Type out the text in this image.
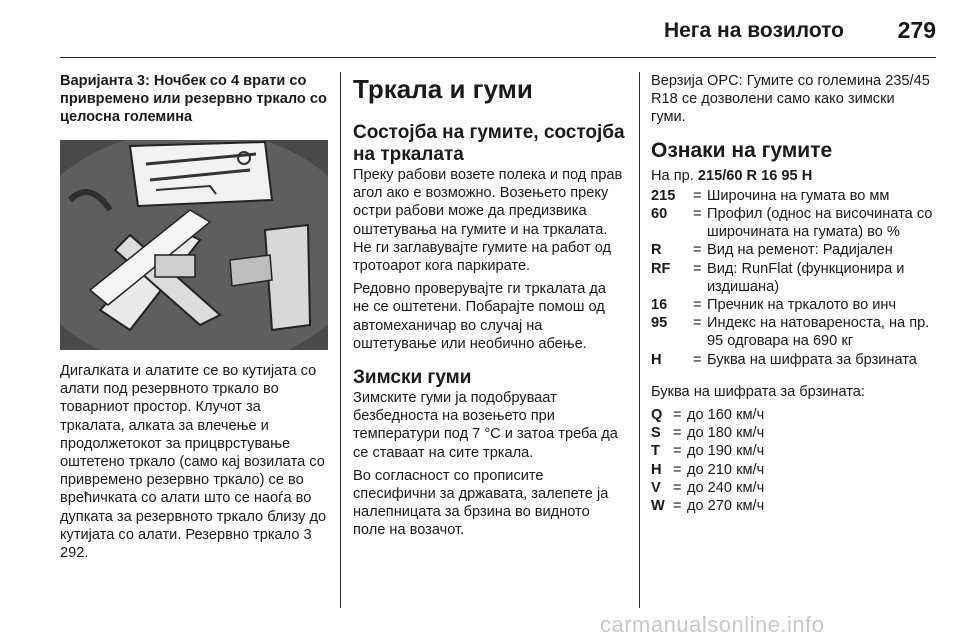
Нега на возилото 279
Варијанта 3: Ночбек со 4 врати со привремено или резервно тркало со целосна големина

Дигалката и алатите се во кутијата со алати под резервното тркало во товарниот простор. Клучот за тркалата, алката за влечење и продолжетокот за прицврстување оштетено тркало (само кај возилата со привремено резервно тркало) се во врећичката со алати што се наоѓа во дупката за резервното тркало близу до кутијата со алати. Резервно тркало 3 292.

Тркала и гуми
Состојба на гумите, состојба на тркалата

Преку рабови возете полека и под прав агол ако е возможно. Возењето преку остри рабови може да предизвика оштетувања на гумите и на тркалата. Не ги заглавувајте гумите на работ од тротоарот кога паркирате.

Редовно проверувајте ги тркалата да не се оштетени. Побарајте помош од автомеханичар во случај на оштетување или необично абење.

Зимски гуми

Зимските гуми ја подобруваат безбедноста на возењето при температури под 7 °C и затоа треба да се ставаат на сите тркала.

Во согласност со прописите спесифични за државата, залепете ја налепницата за брзина во видното поле на возачот.

Верзија OPC: Гумите со големина 235/45 R18 се дозволени само како зимски гуми.

Ознаки на гумите
На пр. 215/60 R 16 95 H
215	= Широчина на гумата во мм
60	= Профил (однос на височината со широчината на гумата) во %
R	= Вид на ременот: Радијален
RF	= Вид: RunFlat (функционира и издишана)
16	= Пречник на тркалото во инч
95	= Индекс на натовареноста, на пр. 95 одговара на 690 кг
H	= Буква на шифрата за брзината

Буква на шифрата за брзината:

Q = до 160 км/ч
S = до 180 км/ч
T = до 190 км/ч
H = до 210 км/ч
V = до 240 км/ч
W = до 270 км/ч
carmanualsonline.info
